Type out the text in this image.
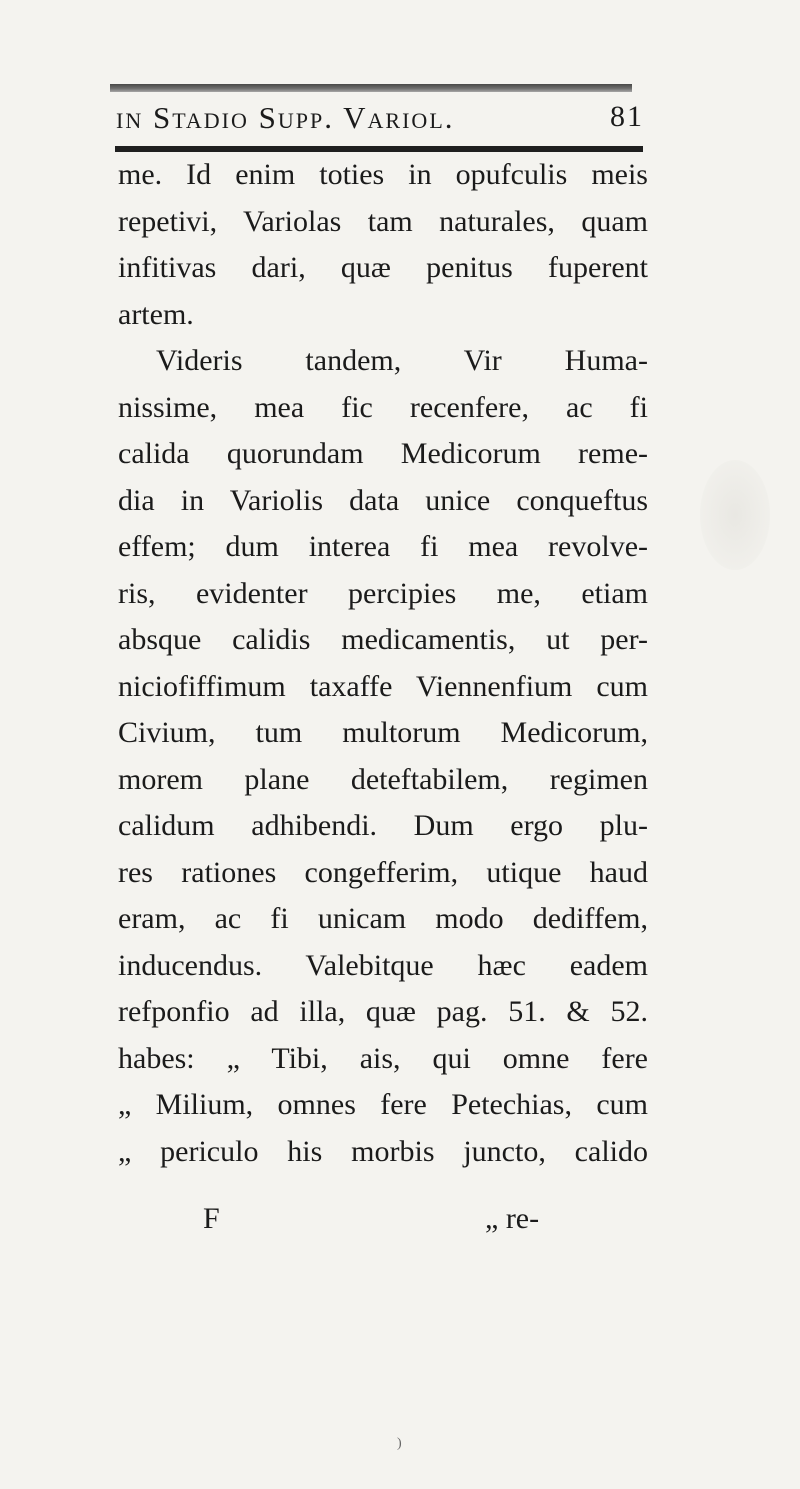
in Stadio Supp. Variol.	81
me. Id enim toties in opufculis meis
repetivi, Variolas tam naturales, quam
infitivas dari, quæ penitus fuperent
artem.
Videris tandem, Vir Huma-
nissime, mea fic recenfere, ac fi
calida quorundam Medicorum reme-
dia in Variolis data unice conqueftus
effem; dum interea fi mea revolve-
ris, evidenter percipies me, etiam
absque calidis medicamentis, ut per-
niciofiffimum taxaffe Viennenfium cum
Civium, tum multorum Medicorum,
morem plane deteftabilem, regimen
calidum adhibendi. Dum ergo plu-
res rationes congefferim, utique haud
eram, ac fi unicam modo dediffem,
inducendus. Valebitque hæc eadem
refponfio ad illa, quæ pag. 51. & 52.
habes: „ Tibi, ais, qui omne fere
„ Milium, omnes fere Petechias, cum
„ periculo his morbis juncto, calido
F	„ re-
)
